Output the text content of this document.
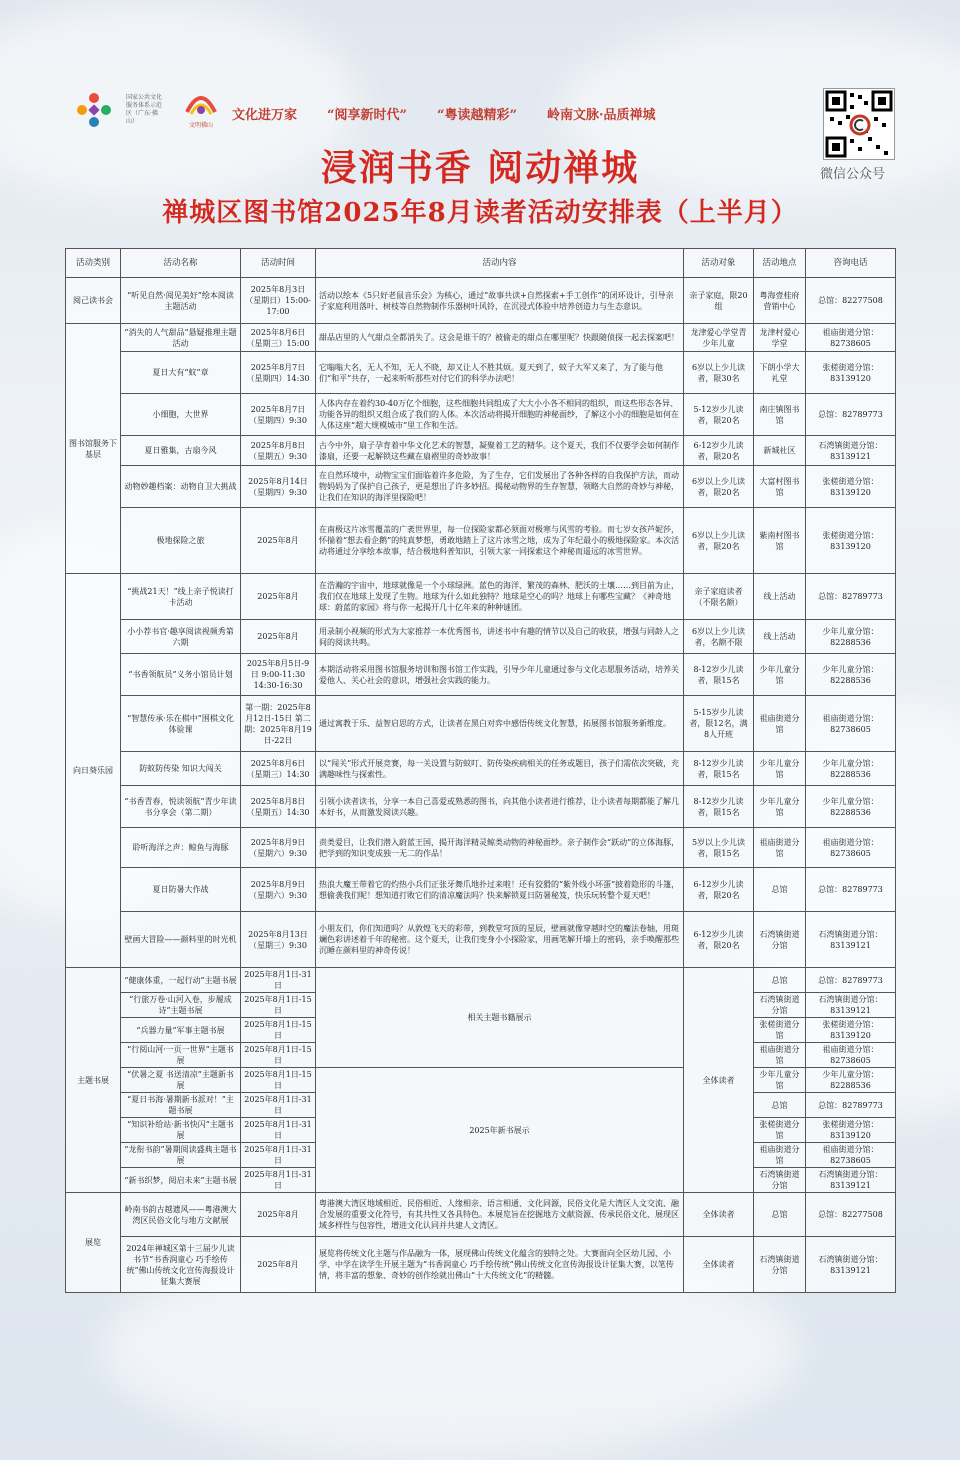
国家公共文化服务体系示范区（广东·佛山）
文明佛山
文化进万家 “阅享新时代” “粤读越精彩” 岭南文脉·品质禅城
微信公众号
浸润书香 阅动禅城
禅城区图书馆2025年8月读者活动安排表（上半月）
活动类别	活动名称	活动时间	活动内容	活动对象	活动地点	咨询电话
阅己读书会	“听见自然·阅见美好”绘本阅读主题活动	2025年8月3日（星期日）15:00-17:00	活动以绘本《5只好老鼠音乐会》为核心，通过“故事共读+自然探索+手工创作”的闭环设计，引导亲子家庭利用落叶、树枝等自然物制作乐器树叶风铃，在沉浸式体验中培养创造力与生态意识。	亲子家庭，限20组	粤海壹桂府营销中心	总馆：82277508
图书馆服务下基层	“消失的人气甜品”悬疑推理主题活动	2025年8月6日（星期三）15:00	甜品店里的人气甜点全都消失了。这会是谁干的？被偷走的甜点在哪里呢？快跟随侦探一起去探案吧！	龙津爱心学堂青少年儿童	龙津村爱心学堂	祖庙街道分馆：82738605
	夏日大有“蚊”章	2025年8月7日（星期四）14:30	它嗡嗡大名，无人不知，无人不晓，却又让人不胜其烦。夏天到了，蚊子大军又来了，为了能与他们“和平”共存，一起来听听那些对付它们的科学办法吧！	6岁以上少儿读者，限30名	下朗小学大礼堂	张槎街道分馆：83139120
	小细胞，大世界	2025年8月7日（星期四）9:30	人体内存在着约30-40万亿个细胞，这些细胞共同组成了大大小小各不相同的组织，而这些形态各异、功能各异的组织又组合成了我们的人体。本次活动将揭开细胞的神秘面纱，了解这小小的细胞是如何在人体这座“超大规模城市”里工作和生活。	5-12岁少儿读者，限20名	南庄镇图书馆	总馆：82789773
	夏日雅集，古扇今风	2025年8月8日（星期五）9:30	古今中外，扇子孕育着中华文化艺术的智慧，凝聚着工艺的精华。这个夏天，我们不仅要学会如何制作漆扇，还要一起解锁这些藏在扇褶里的奇妙故事！	6-12岁少儿读者，限20名	新城社区	石湾镇街道分馆：83139121
	动物妙趣档案：动物自卫大挑战	2025年8月14日（星期四）9:30	在自然环境中，动物宝宝们面临着许多危险，为了生存，它们发展出了各种各样的自我保护方法，而动物妈妈为了保护自己孩子，更是想出了许多妙招。揭秘动物界的生存智慧，领略大自然的奇妙与神秘，让我们在知识的海洋里探险吧！	6岁以上少儿读者，限20名	大富村图书馆	张槎街道分馆：83139120
	极地探险之旅	2025年8月	在南极这片冰雪覆盖的广袤世界里，每一位探险家都必须面对极寒与风雪的考验。而七岁女孩芦妮莎，怀揣着“想去看企鹅”的纯真梦想，勇敢地踏上了这片冰雪之地，成为了年纪最小的极地探险家。本次活动将通过分享绘本故事，结合极地科普知识，引领大家一同探索这个神秘而遥远的冰雪世界。	6岁以上少儿读者，限20名	紫南村图书馆	张槎街道分馆：83139120
向日葵乐园	“挑战21天！”线上亲子悦读打卡活动	2025年8月	在浩瀚的宇宙中，地球就像是一个小球绿洲。蓝色的海洋、繁茂的森林、肥沃的土壤……到目前为止，我们仅在地球上发现了生物。地球为什么如此独特？地球是空心的吗？地球上有哪些宝藏？《神奇地球：蔚蓝的家园》将与你一起揭开几十亿年来的种种谜团。	亲子家庭读者（不限名额）	线上活动	总馆：82789773
	小小荐书官·趣享阅读视频秀第六期	2025年8月	用录制小视频的形式为大家推荐一本优秀图书，讲述书中有趣的情节以及自己的收获，增强与同龄人之间的阅读共鸣。	6岁以上少儿读者，名额不限	线上活动	少年儿童分馆：82288536
	“书香领航员”义务小馆员计划	2025年8月5日-9日 9:00-11:30 14:30-16:30	本期活动将采用图书馆服务培训和图书馆工作实践，引导少年儿童通过参与文化志愿服务活动，培养关爱他人、关心社会的意识，增强社会实践的能力。	8-12岁少儿读者，限15名	少年儿童分馆	少年儿童分馆：82288536
	“智慧传承·乐在棋中”围棋文化体验课	第一期：2025年8月12日-15日 第二期：2025年8月19日-22日	通过寓教于乐、益智启思的方式，让读者在黑白对弈中感悟传统文化智慧，拓展图书馆服务新维度。	5-15岁少儿读者，限12名，满8人开班	祖庙街道分馆	祖庙街道分馆：82738605
	防蚊防传染 知识大闯关	2025年8月6日（星期三）14:30	以“闯关”形式开展竞赛，每一关设置与防蚊叮、防传染疾病相关的任务或题目，孩子们需依次突破，充满趣味性与探索性。	8-12岁少儿读者，限15名	少年儿童分馆	少年儿童分馆：82288536
	“书香青春，悦读领航”青少年读书分享会（第二期）	2025年8月8日（星期五）14:30	引领小读者读书，分享一本自己喜爱或熟悉的图书，向其他小读者进行推荐，让小读者每期都能了解几本好书，从而激发阅读兴趣。	8-12岁少儿读者，限15名	少年儿童分馆	少年儿童分馆：82288536
	聆听海洋之声：鲸鱼与海豚	2025年8月9日（星期六）9:30	责类爱目，让我们潜入蔚蓝王国，揭开海洋精灵鲸类动物的神秘面纱。亲子制作会“跃动”的立体海豚，把学到的知识变成独一无二的作品！	5岁以上少儿读者，限15名	祖庙街道分馆	祖庙街道分馆：82738605
	夏日防暑大作战	2025年8月9日（星期六）9:30	热浪大魔王带着它的灼热小兵们正张牙舞爪地扑过来啦！还有狡猾的“紫外线小坏蛋”披着隐形的斗篷，想偷袭我们呢！想知道打败它们的清凉魔法吗？快来解锁夏日防暑秘笈，快乐玩转整个夏天吧！	6-12岁少儿读者，限20名	总馆	总馆：82789773
	壁画大冒险——颜料里的时光机	2025年8月13日（星期三）9:30	小朋友们，你们知道吗？从敦煌飞天的彩带，到教堂穹顶的星辰，壁画就像穿越时空的魔法卷轴，用斑斓色彩讲述着千年的秘密。这个夏天，让我们变身小小探险家，用画笔解开墙上的密码，亲手唤醒那些沉睡在颜料里的神奇传说！	6-12岁少儿读者，限20名	石湾镇街道分馆	石湾镇街道分馆：83139121
主题书展	“健康体重，一起行动”主题书展	2025年8月1日-31日	相关主题书籍展示	全体读者	总馆	总馆：82789773
	“行旅万卷·山河入卷，步履成诗”主题书展	2025年8月1日-15日			石湾镇街道分馆	石湾镇街道分馆：83139121
	“兵器力量”军事主题书展	2025年8月1日-15日			张槎街道分馆	张槎街道分馆：83139120
	“行阅山河·一页一世界”主题书展	2025年8月1日-15日			祖庙街道分馆	祖庙街道分馆：82738605
	“伏暑之夏 书送清凉”主题新书展	2025年8月1日-15日	2025年新书展示		少年儿童分馆	少年儿童分馆：82288536
	“夏日书海·暑期新书派对！”主题书展	2025年8月1日-31日			总馆	总馆：82789773
	“知识补给站·新书快闪”主题书展	2025年8月1日-31日			张槎街道分馆	张槎街道分馆：83139120
	“龙衔书韵”暑期阅读盛典主题书展	2025年8月1日-31日			祖庙街道分馆	祖庙街道分馆：82738605
	“新书织梦，阅启未来”主题书展	2025年8月1日-31日			石湾镇街道分馆	石湾镇街道分馆：83139121
展览	岭南书韵古越遗风——粤港澳大湾区民俗文化与地方文献展	2025年8月	粤港澳大湾区地域相近、民俗相近、人缘相亲、语言相通、文化同源，民俗文化是大湾区人文交流、融合发展的重要文化符号，有其共性又各具特色。本展览旨在挖掘地方文献资源、传承民俗文化、展现区域多样性与包容性，增进文化认同并共建人文湾区。	全体读者	总馆	总馆：82277508
	2024年禅城区第十三届少儿读书节“书香润童心 巧手绘传统”佛山传统文化宣传海报设计征集大赛展	2025年8月	展览将传统文化主题与作品融为一体，展现佛山传统文化蕴含的独特之处。大赛面向全区幼儿园、小学、中学在读学生开展主题为“书香润童心 巧手绘传统”佛山传统文化宣传海报设计征集大赛，以笔传情，将丰富的想象、奇妙的创作绘就出佛山“十大传统文化”的精髓。	全体读者	石湾镇街道分馆	石湾镇街道分馆：83139121
